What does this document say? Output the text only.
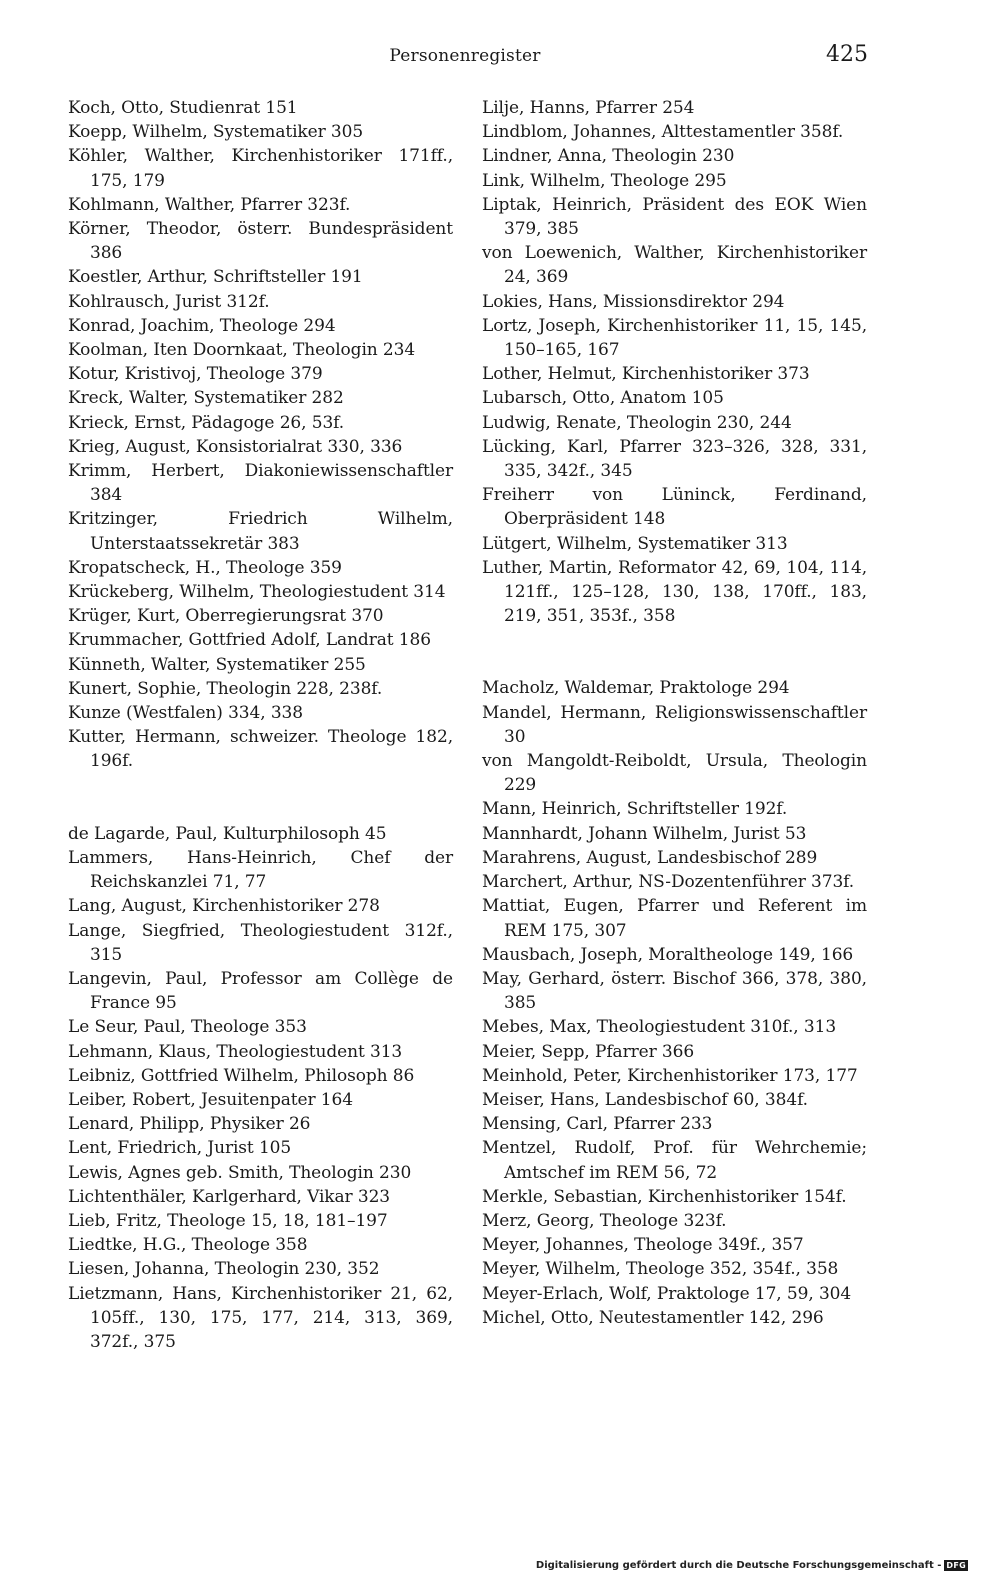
Personenregister	425
Koch, Otto, Studienrat 151
Koepp, Wilhelm, Systematiker 305
Köhler, Walther, Kirchenhistoriker 171ff., 175, 179
Kohlmann, Walther, Pfarrer 323f.
Körner, Theodor, österr. Bundespräsident 386
Koestler, Arthur, Schriftsteller 191
Kohlrausch, Jurist 312f.
Konrad, Joachim, Theologe 294
Koolman, Iten Doornkaat, Theologin 234
Kotur, Kristivoj, Theologe 379
Kreck, Walter, Systematiker 282
Krieck, Ernst, Pädagoge 26, 53f.
Krieg, August, Konsistorialrat 330, 336
Krimm, Herbert, Diakoniewissenschaftler 384
Kritzinger, Friedrich Wilhelm, Unterstaatssekretär 383
Kropatscheck, H., Theologe 359
Krückeberg, Wilhelm, Theologiestudent 314
Krüger, Kurt, Oberregierungsrat 370
Krummacher, Gottfried Adolf, Landrat 186
Künneth, Walter, Systematiker 255
Kunert, Sophie, Theologin 228, 238f.
Kunze (Westfalen) 334, 338
Kutter, Hermann, schweizer. Theologe 182, 196f.
de Lagarde, Paul, Kulturphilosoph 45
Lammers, Hans-Heinrich, Chef der Reichskanzlei 71, 77
Lang, August, Kirchenhistoriker 278
Lange, Siegfried, Theologiestudent 312f., 315
Langevin, Paul, Professor am Collège de France 95
Le Seur, Paul, Theologe 353
Lehmann, Klaus, Theologiestudent 313
Leibniz, Gottfried Wilhelm, Philosoph 86
Leiber, Robert, Jesuitenpater 164
Lenard, Philipp, Physiker 26
Lent, Friedrich, Jurist 105
Lewis, Agnes geb. Smith, Theologin 230
Lichtenthäler, Karlgerhard, Vikar 323
Lieb, Fritz, Theologe 15, 18, 181–197
Liedtke, H.G., Theologe 358
Liesen, Johanna, Theologin 230, 352
Lietzmann, Hans, Kirchenhistoriker 21, 62, 105ff., 130, 175, 177, 214, 313, 369, 372f., 375
Lilje, Hanns, Pfarrer 254
Lindblom, Johannes, Alttestamentler 358f.
Lindner, Anna, Theologin 230
Link, Wilhelm, Theologe 295
Liptak, Heinrich, Präsident des EOK Wien 379, 385
von Loewenich, Walther, Kirchenhistoriker 24, 369
Lokies, Hans, Missionsdirektor 294
Lortz, Joseph, Kirchenhistoriker 11, 15, 145, 150–165, 167
Lother, Helmut, Kirchenhistoriker 373
Lubarsch, Otto, Anatom 105
Ludwig, Renate, Theologin 230, 244
Lücking, Karl, Pfarrer 323–326, 328, 331, 335, 342f., 345
Freiherr von Lüninck, Ferdinand, Oberpräsident 148
Lütgert, Wilhelm, Systematiker 313
Luther, Martin, Reformator 42, 69, 104, 114, 121ff., 125–128, 130, 138, 170ff., 183, 219, 351, 353f., 358
Macholz, Waldemar, Praktologe 294
Mandel, Hermann, Religionswissenschaftler 30
von Mangoldt-Reiboldt, Ursula, Theologin 229
Mann, Heinrich, Schriftsteller 192f.
Mannhardt, Johann Wilhelm, Jurist 53
Marahrens, August, Landesbischof 289
Marchert, Arthur, NS-Dozentenführer 373f.
Mattiat, Eugen, Pfarrer und Referent im REM 175, 307
Mausbach, Joseph, Moraltheologe 149, 166
May, Gerhard, österr. Bischof 366, 378, 380, 385
Mebes, Max, Theologiestudent 310f., 313
Meier, Sepp, Pfarrer 366
Meinhold, Peter, Kirchenhistoriker 173, 177
Meiser, Hans, Landesbischof 60, 384f.
Mensing, Carl, Pfarrer 233
Mentzel, Rudolf, Prof. für Wehrchemie; Amtschef im REM 56, 72
Merkle, Sebastian, Kirchenhistoriker 154f.
Merz, Georg, Theologe 323f.
Meyer, Johannes, Theologe 349f., 357
Meyer, Wilhelm, Theologe 352, 354f., 358
Meyer-Erlach, Wolf, Praktologe 17, 59, 304
Michel, Otto, Neutestamentler 142, 296
Digitalisierung gefördert durch die Deutsche Forschungsgemeinschaft - DFG
